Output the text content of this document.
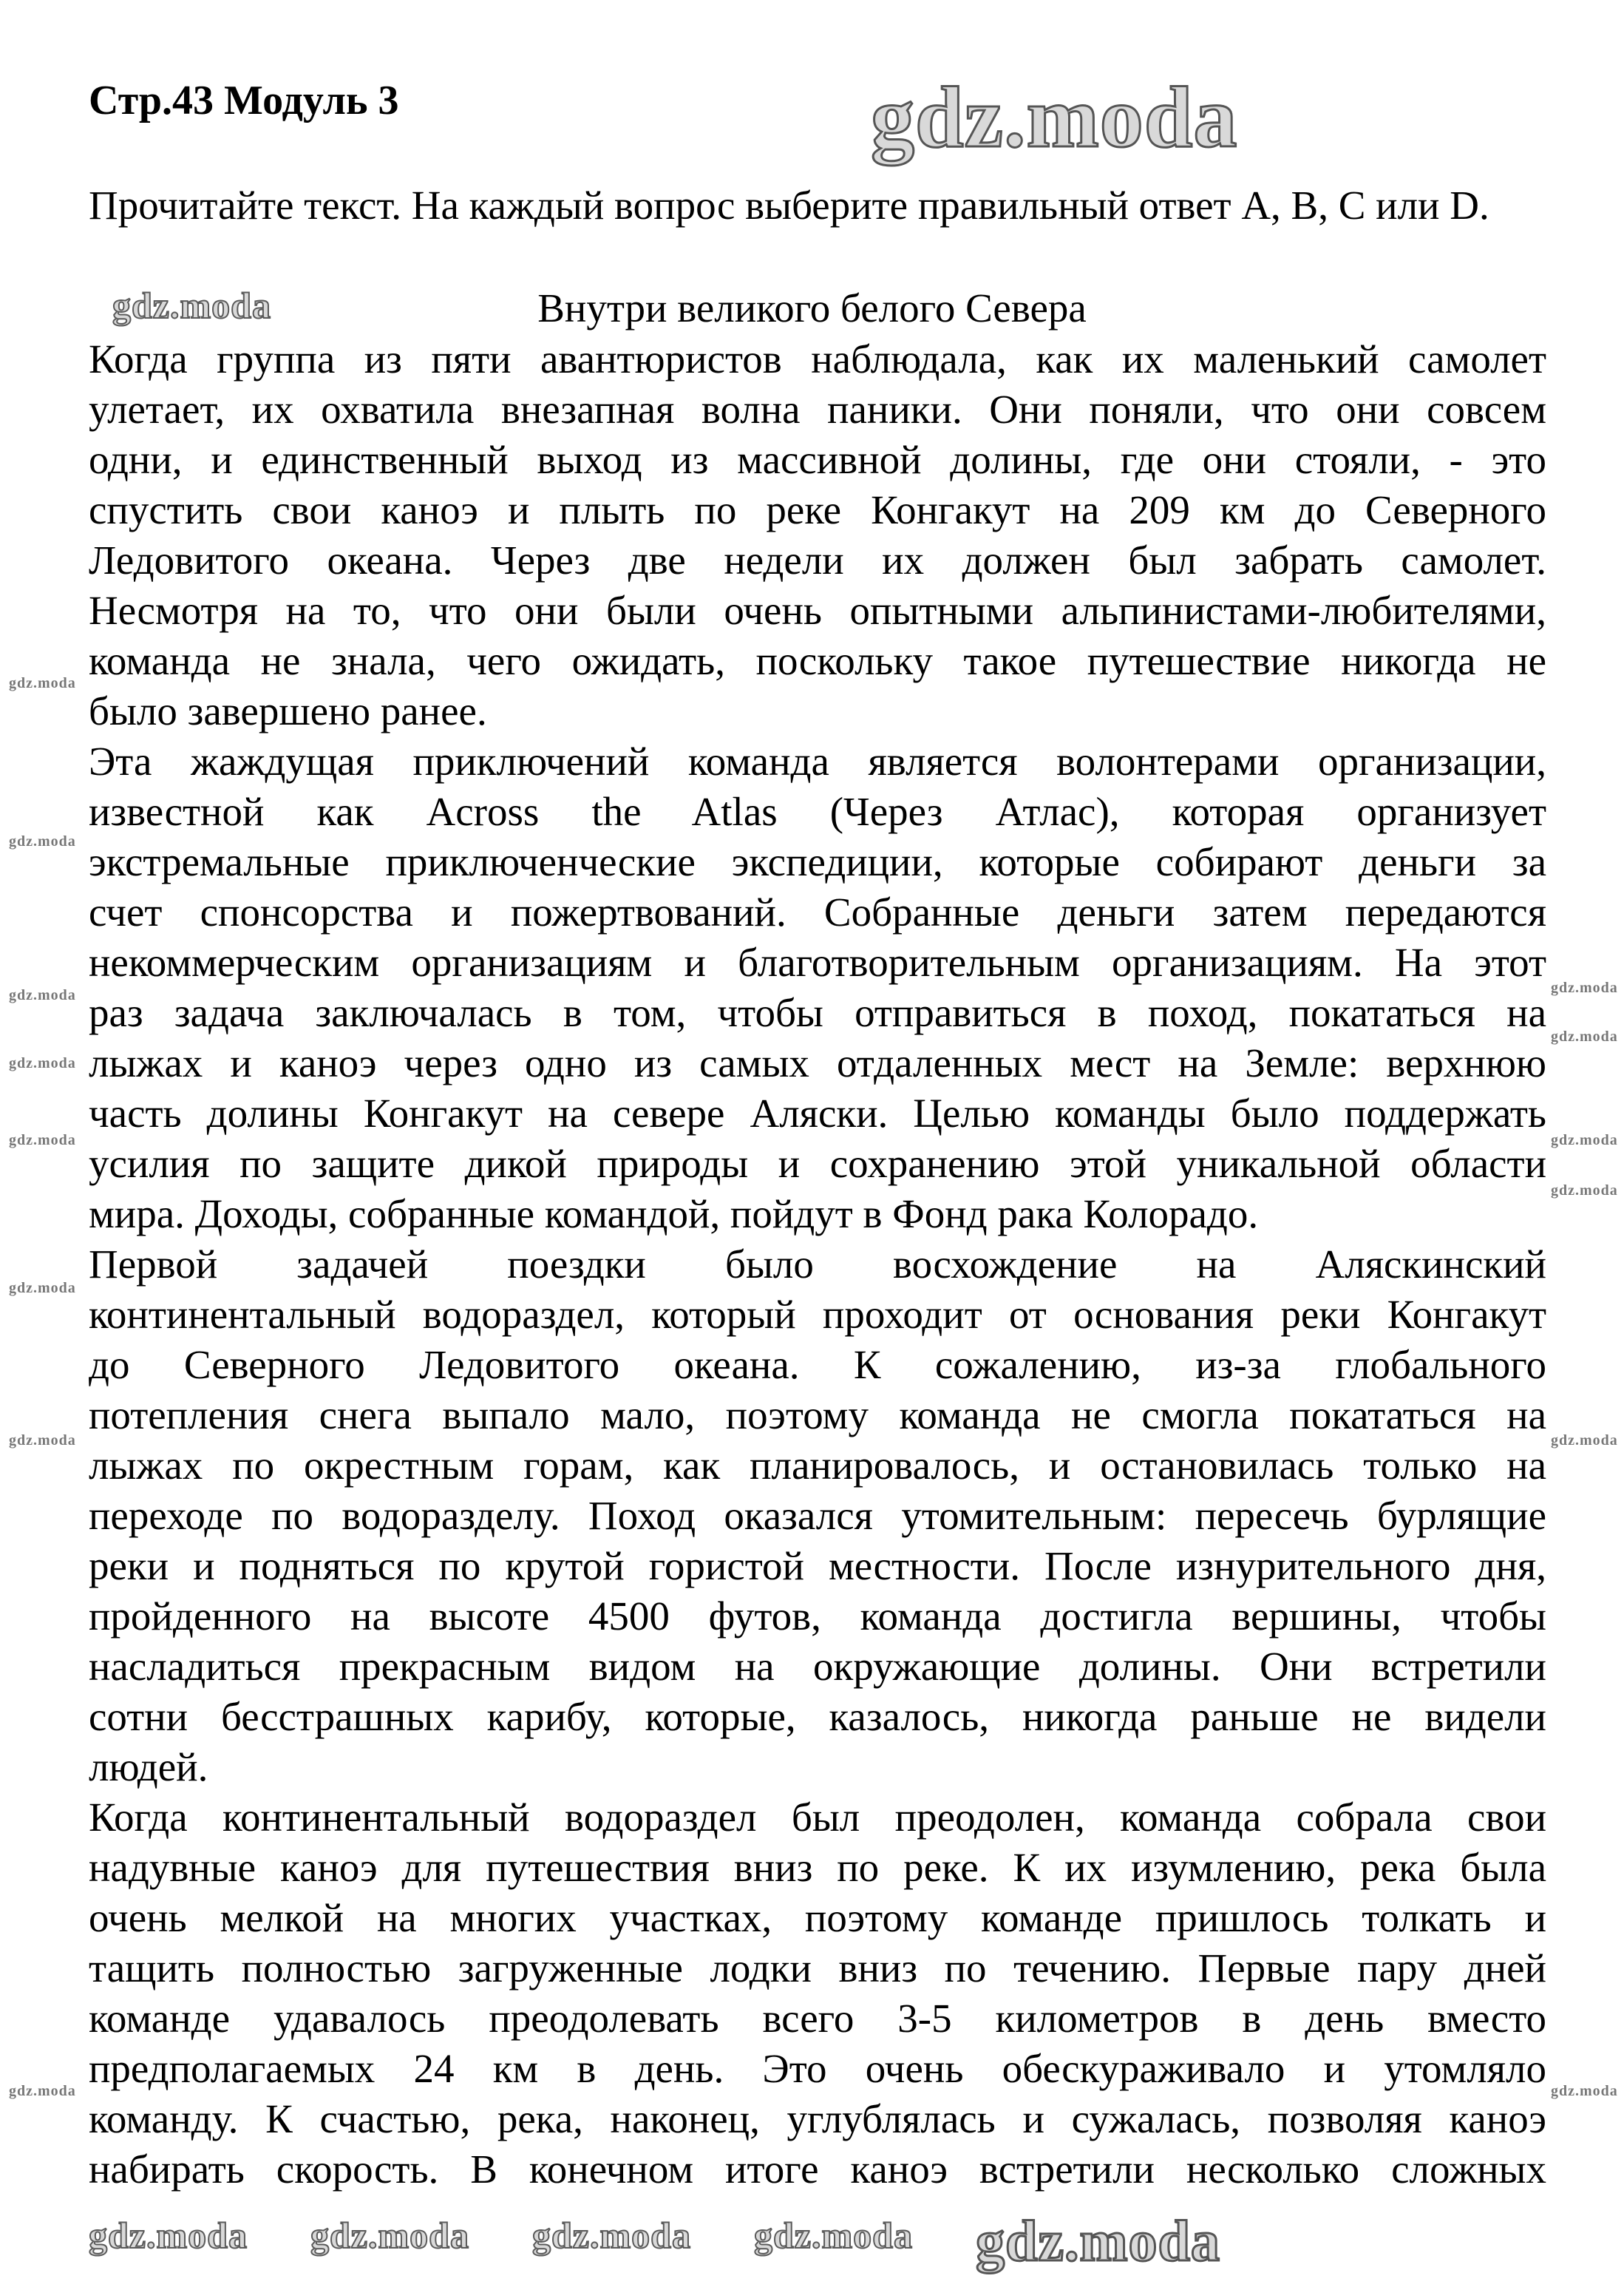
Стр.43 Модуль 3
Прочитайте текст. На каждый вопрос выберите правильный ответ A, B, C или D.
Внутри великого белого Севера
Когда группа из пяти авантюристов наблюдала, как их маленький самолет
улетает, их охватила внезапная волна паники. Они поняли, что они совсем
одни, и единственный выход из массивной долины, где они стояли, - это
спустить свои каноэ и плыть по реке Конгакут на 209 км до Северного
Ледовитого океана. Через две недели их должен был забрать самолет.
Несмотря на то, что они были очень опытными альпинистами-любителями,
команда не знала, чего ожидать, поскольку такое путешествие никогда не
было завершено ранее.
Эта жаждущая приключений команда является волонтерами организации,
известной как Across the Atlas (Через Атлас), которая организует
экстремальные приключенческие экспедиции, которые собирают деньги за
счет спонсорства и пожертвований. Собранные деньги затем передаются
некоммерческим организациям и благотворительным организациям. На этот
раз задача заключалась в том, чтобы отправиться в поход, покататься на
лыжах и каноэ через одно из самых отдаленных мест на Земле: верхнюю
часть долины Конгакут на севере Аляски. Целью команды было поддержать
усилия по защите дикой природы и сохранению этой уникальной области
мира. Доходы, собранные командой, пойдут в Фонд рака Колорадо.
Первой задачей поездки было восхождение на Аляскинский
континентальный водораздел, который проходит от основания реки Конгакут
до Северного Ледовитого океана. К сожалению, из-за глобального
потепления снега выпало мало, поэтому команда не смогла покататься на
лыжах по окрестным горам, как планировалось, и остановилась только на
переходе по водоразделу. Поход оказался утомительным: пересечь бурлящие
реки и подняться по крутой гористой местности. После изнурительного дня,
пройденного на высоте 4500 футов, команда достигла вершины, чтобы
насладиться прекрасным видом на окружающие долины. Они встретили
сотни бесстрашных карибу, которые, казалось, никогда раньше не видели
людей.
Когда континентальный водораздел был преодолен, команда собрала свои
надувные каноэ для путешествия вниз по реке. К их изумлению, река была
очень мелкой на многих участках, поэтому команде пришлось толкать и
тащить полностью загруженные лодки вниз по течению. Первые пару дней
команде удавалось преодолевать всего 3-5 километров в день вместо
предполагаемых 24 км в день. Это очень обескураживало и утомляло
команду. К счастью, река, наконец, углублялась и сужалась, позволяя каноэ
набирать скорость. В конечном итоге каноэ встретили несколько сложных
gdz.moda
gdz.moda
gdz.moda gdz.moda gdz.moda gdz.moda gdz.moda
gdz.moda
gdz.moda
gdz.moda	gdz.moda
gdz.moda
gdz.moda
gdz.moda	gdz.moda
gdz.moda
gdz.moda
gdz.moda	gdz.moda
gdz.moda	gdz.moda
